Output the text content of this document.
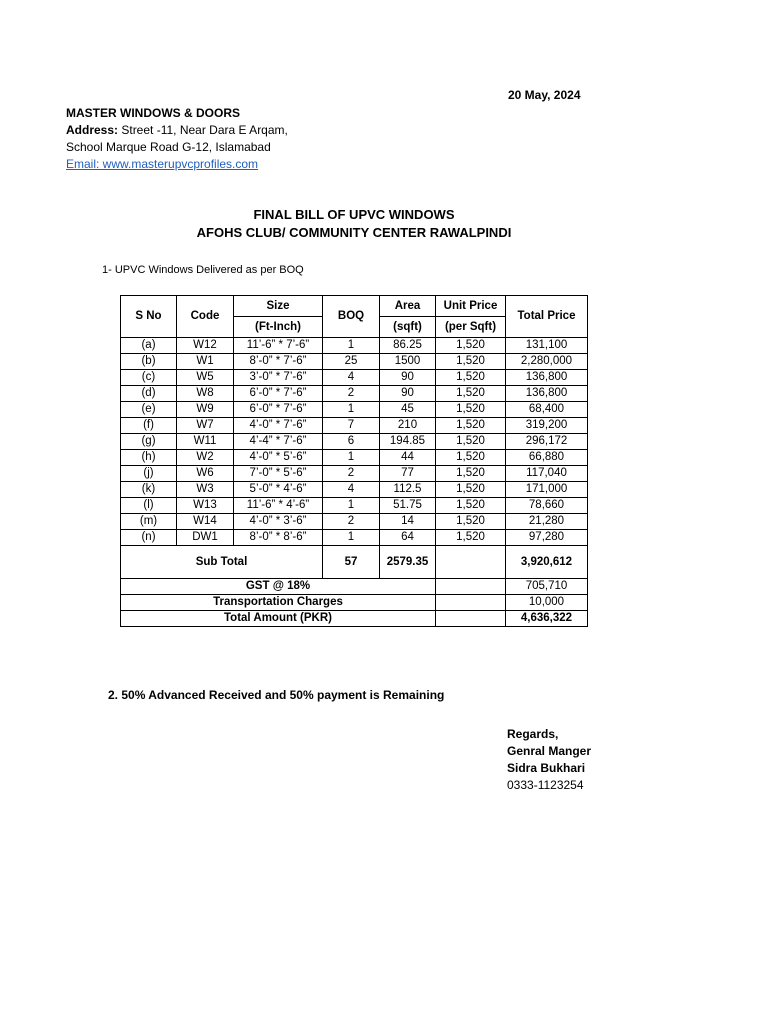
20 May, 2024
MASTER WINDOWS & DOORS
Address: Street -11, Near Dara E Arqam,
School Marque Road G-12, Islamabad
Email: www.masterupvcprofiles.com
FINAL BILL OF UPVC WINDOWS
AFOHS CLUB/ COMMUNITY CENTER RAWALPINDI
1- UPVC Windows Delivered as per BOQ
S No	Code	Size	BOQ	Area	Unit Price	Total Price
		(Ft-Inch)		(sqft)	(per Sqft)	
(a)	W12	11’-6” * 7’-6”	1	86.25	1,520	131,100
(b)	W1	8’-0” * 7’-6”	25	1500	1,520	2,280,000
(c)	W5	3’-0” * 7’-6”	4	90	1,520	136,800
(d)	W8	6’-0” * 7’-6”	2	90	1,520	136,800
(e)	W9	6’-0” * 7’-6”	1	45	1,520	68,400
(f)	W7	4’-0” * 7’-6”	7	210	1,520	319,200
(g)	W11	4’-4” * 7’-6”	6	194.85	1,520	296,172
(h)	W2	4’-0” * 5’-6”	1	44	1,520	66,880
(j)	W6	7’-0” * 5’-6”	2	77	1,520	117,040
(k)	W3	5’-0” * 4’-6”	4	112.5	1,520	171,000
(l)	W13	11’-6” * 4’-6”	1	51.75	1,520	78,660
(m)	W14	4’-0” * 3’-6”	2	14	1,520	21,280
(n)	DW1	8’-0” * 8’-6”	1	64	1,520	97,280
Sub Total			57	2579.35		3,920,612
GST @ 18%						705,710
Transportation Charges						10,000
Total Amount (PKR)						4,636,322
2. 50% Advanced Received and 50% payment is Remaining
Regards,
Genral Manger
Sidra Bukhari
0333-1123254
